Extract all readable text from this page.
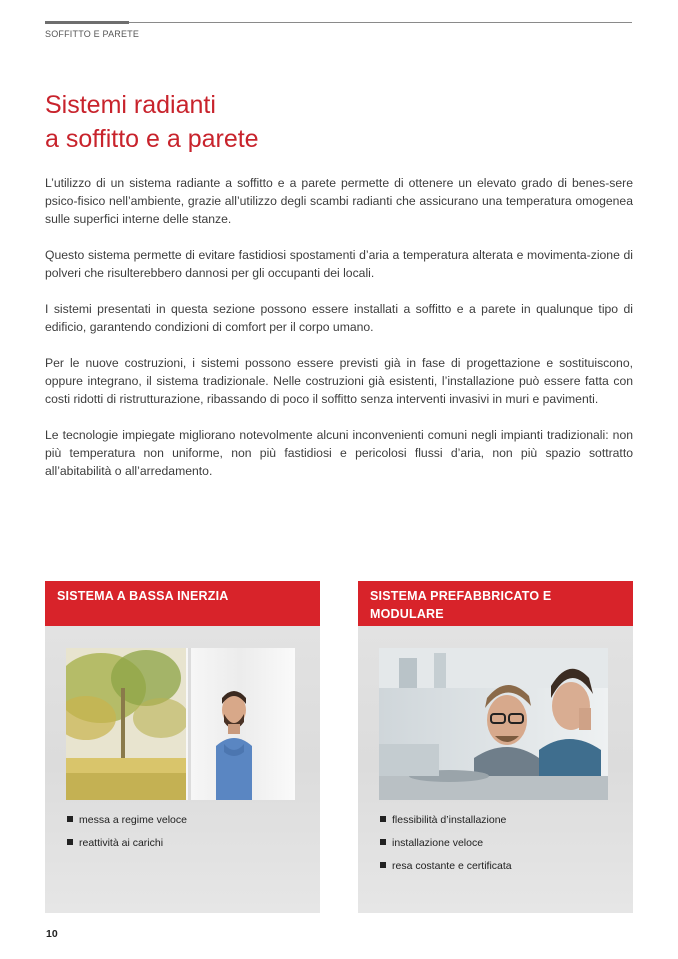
SOFFITTO E PARETE
Sistemi radianti
a soffitto e a parete

L’utilizzo di un sistema radiante a soffitto e a parete permette di ottenere un elevato grado di benes-sere psico-fisico nell’ambiente, grazie all’utilizzo degli scambi radianti che assicurano una temperatura omogenea sulle superfici interne delle stanze.

Questo sistema permette di evitare fastidiosi spostamenti d’aria a temperatura alterata e movimenta-zione di polveri che risulterebbero dannosi per gli occupanti dei locali.

I sistemi presentati in questa sezione possono essere installati a soffitto e a parete in qualunque tipo di edificio, garantendo condizioni di comfort per il corpo umano.

Per le nuove costruzioni, i sistemi possono essere previsti già in fase di progettazione e sostituiscono, oppure integrano, il sistema tradizionale. Nelle costruzioni già esistenti, l’installazione può essere fatta con costi ridotti di ristrutturazione, ribassando di poco il soffitto senza interventi invasivi in muri e pavimenti.

Le tecnologie impiegate migliorano notevolmente alcuni inconvenienti comuni negli impianti tradizionali: non più temperatura non uniforme, non più fastidiosi e pericolosi flussi d’aria, non più spazio sottratto all’abitabilità o all’arredamento.

SISTEMA A BASSA INERZIA
messa a regime veloce
reattività ai carichi
SISTEMA PREFABBRICATO E MODULARE
flessibilità d’installazione
installazione veloce
resa costante e certificata
10
